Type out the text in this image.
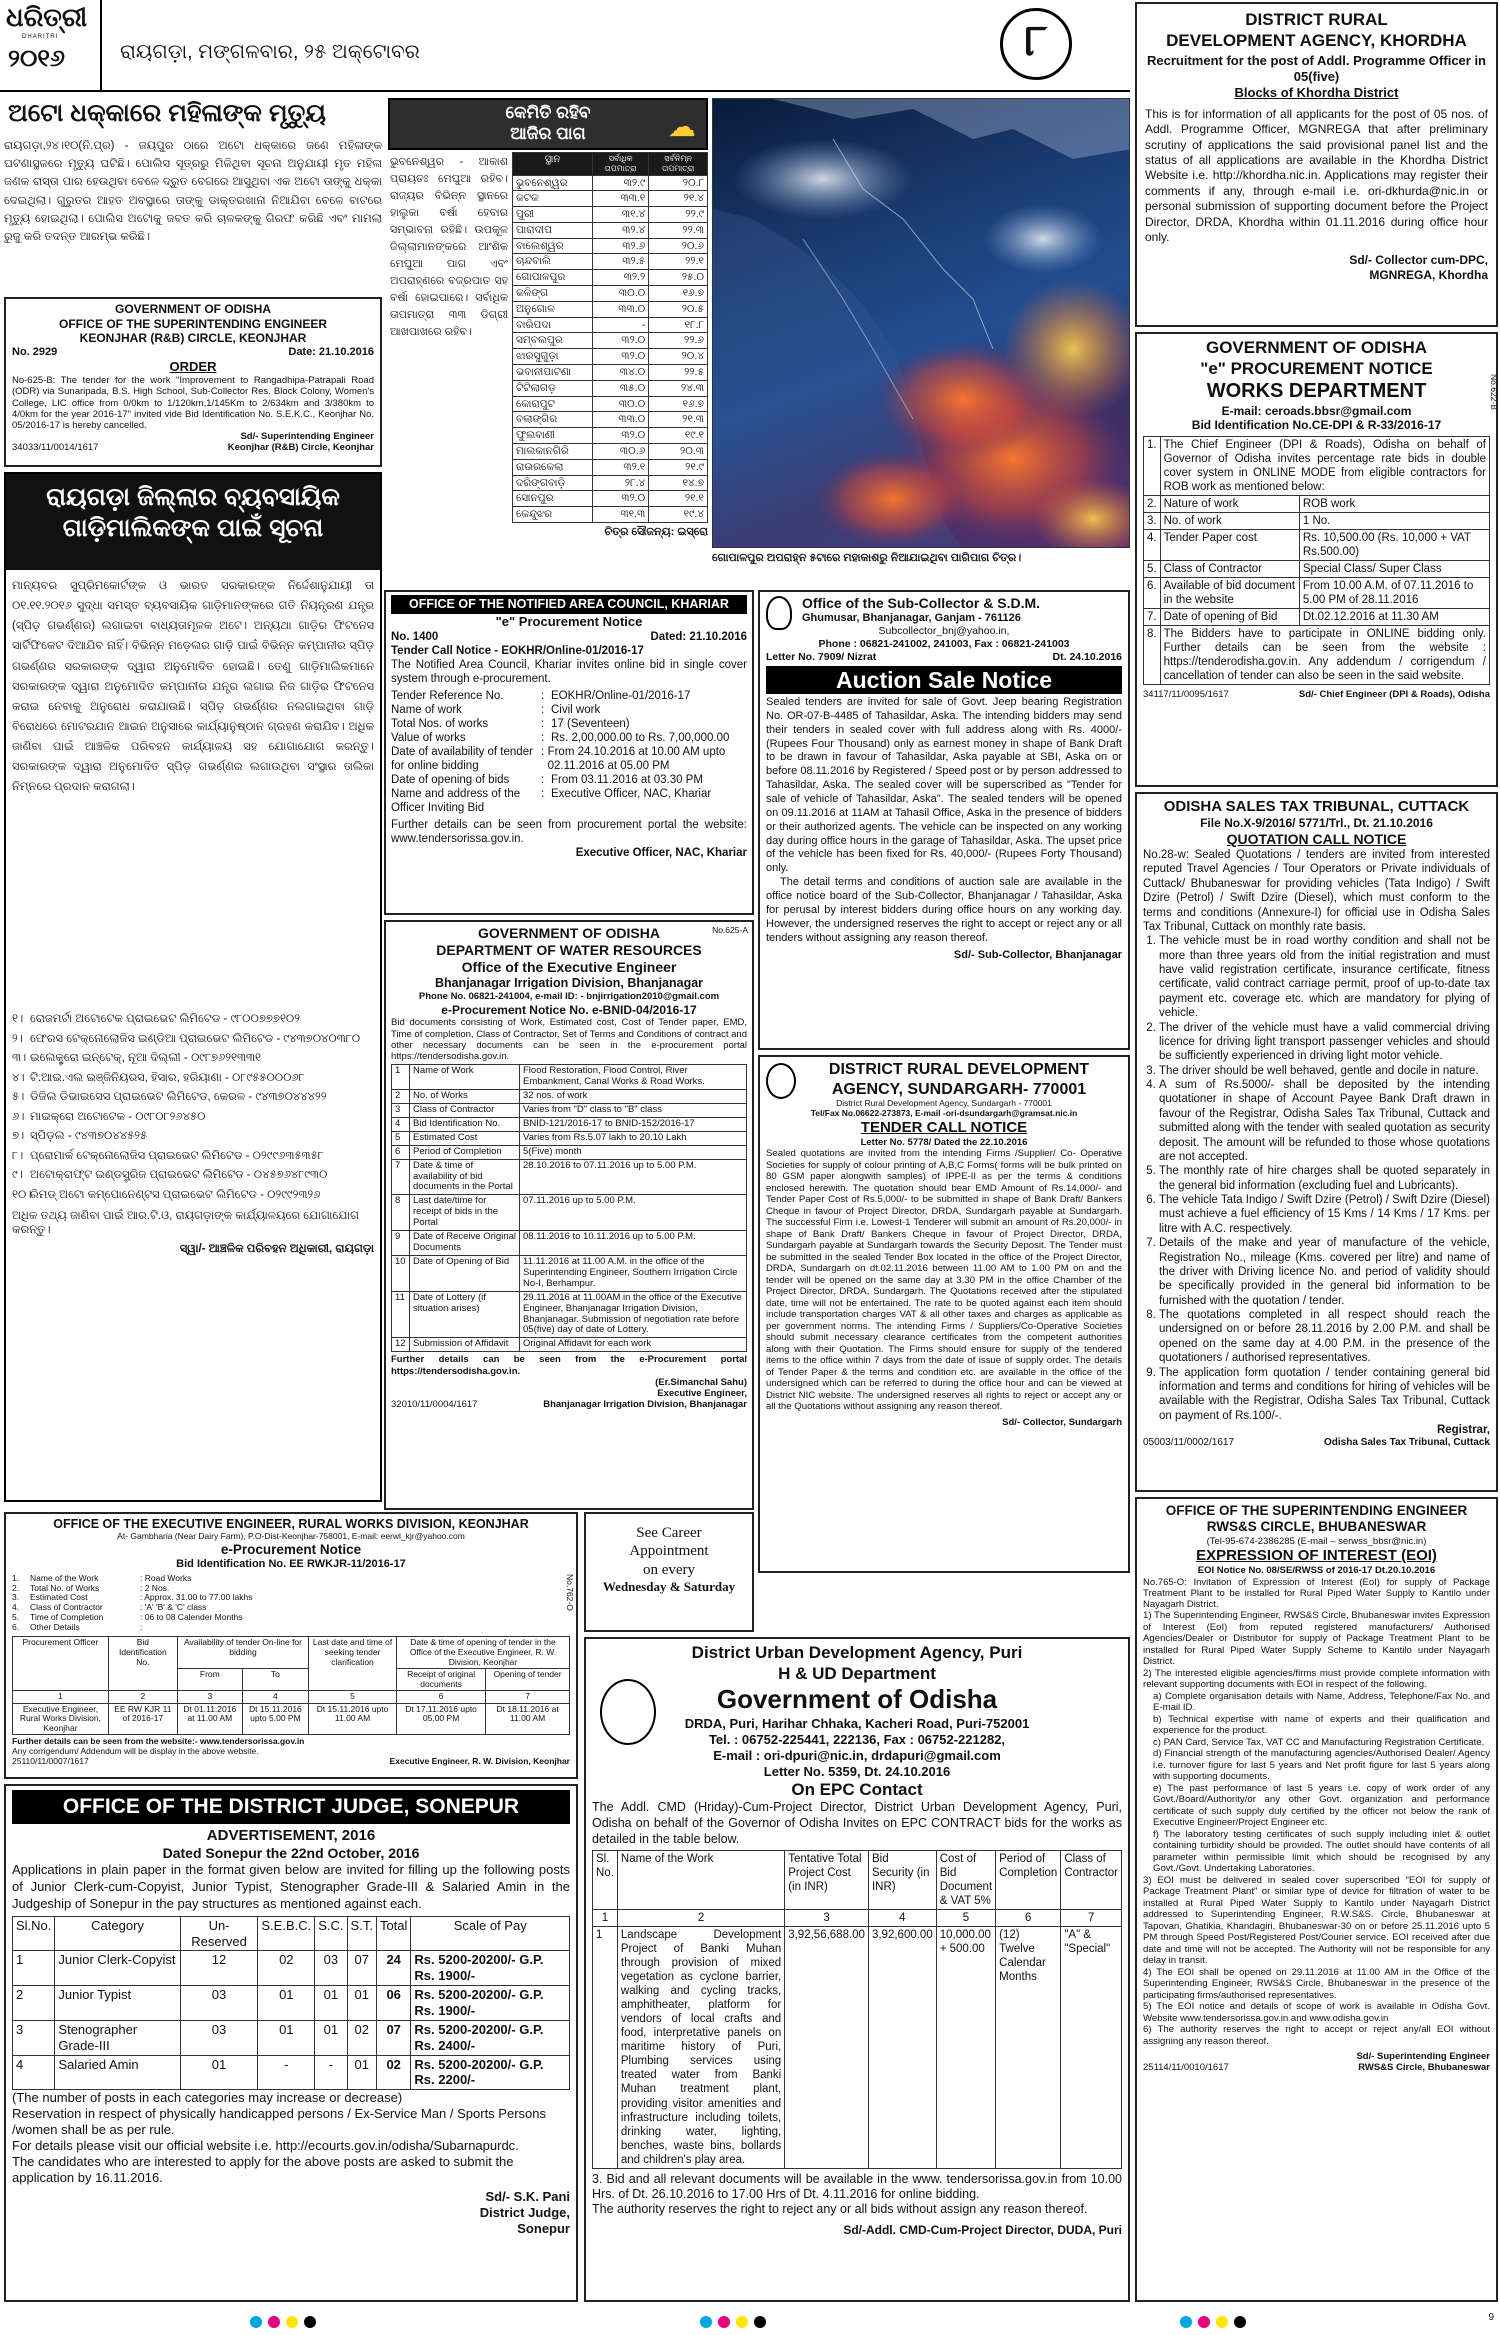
ଧରିତ୍ରୀ
DHARITRI
୨୦୧୬	ରାୟଗଡ଼ା, ମଙ୍ଗଳବାର, ୨୫ ଅକ୍ଟୋବର	୮	DISTRICT RURAL
DEVELOPMENT AGENCY, KHORDHA
Recruitment for the post of Addl. Programme Officer in 05(five)
Blocks of Khordha District
This is for information of all applicants for the post of 05 nos. of Addl. Programme Officer, MGNREGA that after preliminary scrutiny of applications the said provisional panel list and the status of all applications are available in the Khordha District Website i.e. http://khordha.nic.in. Applications may register their comments if any, through e-mail i.e. ori-dkhurda@nic.in or personal submission of supporting document before the Project Director, DRDA, Khordha within 01.11.2016 during office hour only.
Sd/- Collector cum-DPC,
MGNREGA, Khordha
ଅଟୋ ଧକ୍କାରେ ମହିଳାଙ୍କ ମୃତ୍ୟୁ
ରାୟଗଡ଼ା,୨୪।୧୦(ନି.ପ୍ର) - ଜୟପୁର ଠାରେ ଅଟୋ ଧକ୍କାରେ ଜଣେ ମହିଳାଙ୍କ ଘଟଣାସ୍ଥଳରେ ମୃତ୍ୟୁ ଘଟିଛି। ପୋଲିସ ସୂତ୍ରରୁ ମିଳିଥିବା ସୂଚନା ଅନୁଯାୟୀ ମୃତ ମହିଳା ଜଣକ ରାସ୍ତା ପାର ହେଉଥିବା ବେଳେ ଦ୍ରୁତ ବେଗରେ ଆସୁଥିବା ଏକ ଅଟୋ ତାଙ୍କୁ ଧକ୍କା ଦେଇଥିଲା। ଗୁରୁତର ଆହତ ଅବସ୍ଥାରେ ତାଙ୍କୁ ଡାକ୍ତରଖାନା ନିଆଯିବା ବେଳେ ବାଟରେ ମୃତ୍ୟୁ ହୋଇଥିଲା। ପୋଲିସ ଅଟୋକୁ ଜବତ କରି ଚାଳକଙ୍କୁ ଗିରଫ କରିଛି ଏବଂ ମାମଲା ରୁଜୁ କରି ତଦନ୍ତ ଆରମ୍ଭ କରିଛି।
କେମିତି ରହିବ
ଆଜିର ପାଗ	☁
ଭୁବନେଶ୍ୱର - ଆକାଶ ପ୍ରାୟତଃ ମେଘୁଆ ରହିବ। ରାଜ୍ୟର ବିଭିନ୍ନ ସ୍ଥାନରେ ହାଲୁକା ବର୍ଷା ହେବାର ସମ୍ଭାବନା ରହିଛି। ଉପକୂଳ ଜିଲ୍ଲାମାନଙ୍କରେ ଆଂଶିକ ମେଘୁଆ ପାଗ ଏବଂ ଅପରାହ୍ଣରେ ବଜ୍ରପାତ ସହ ବର୍ଷା ହୋଇପାରେ। ସର୍ବାଧିକ ତାପମାତ୍ରା ୩୩ ଡିଗ୍ରୀ ଆଖପାଖରେ ରହିବ।
ସ୍ଥାନ	ସର୍ବାଧିକ ତାପମାତ୍ରା	ସର୍ବନିମ୍ନ ତାପମାତ୍ରା
ଭୁବନେଶ୍ୱର	୩୨.୯	୨୦.୮
କଟକ	୩୩.୧	୨୧.୪
ପୁରୀ	୩୧.୪	୨୨.୯
ପାରାଦୀପ	୩୨.୪	୨୨.୩
ବାଲେଶ୍ୱର	୩୨.୬	୨୦.୬
ଚାନ୍ଦବାଲି	୩୨.୫	୨୨.୧
ଗୋପାଳପୁର	୩୨.୨	୨୫.୦
କଳିଙ୍ଗ	୩୦.୦	୧୬.୭
ଅନୁଗୋଳ	୩୩.୦	୨୦.୫
ବାରିପଦା	-	୧୮.୮
ସମ୍ବଲପୁର	୩୨.୦	୨୨.୬
ଝାରସୁଗୁଡ଼ା	୩୨.୦	୨୦.୪
ଭବାନୀପାଟଣା	୩୪.୦	୨୨.୫
ଟିଟିଲାଗଡ଼	୩୫.୦	୨୪.୩
କୋରାପୁଟ	୩୦.୦	୧୬.୭
ବଲାଙ୍ଗିର	୩୩.୦	୨୧.୩
ଫୁଲବାଣୀ	୩୨.୦	୧୯.୧
ମାଲକାନଗିରି	୩୦.୬	୨୦.୩
ରାଉରକେଲା	୩୨.୧	୨୧.୯
ଦରିଙ୍ଗବାଡ଼ି	୨୮.୪	୧୪.୭
ସୋନପୁର	୩୨.୦	୨୧.୧
କେନ୍ଦୁଝର	୩୧.୩	୧୯.୪
ଚିତ୍ର ସୌଜନ୍ୟ: ଇସ୍ରୋ
ଗୋପାଳପୁର ଅପରାହ୍ନ ୫ଟାରେ ମହାକାଶରୁ ନିଆଯାଇଥିବା ପାଗିପାଗ ଚିତ୍ର।
GOVERNMENT OF ODISHA
OFFICE OF THE SUPERINTENDING ENGINEER
KEONJHAR (R&B) CIRCLE, KEONJHAR
No. 2929	Date: 21.10.2016
ORDER
No-625-B: The tender for the work "Improvement to Rangadhipa-Patrapali Road (ODR) via Sunaripada, B.S. High School, Sub-Collector Res. Block Colony, Women's College, LIC office from 0/0km to 1/120km,1/145Km to 2/634km and 3/380km to 4/0km for the year 2016-17" invited vide Bid Identification No. S.E.K.C., Keonjhar No. 05/2016-17 is hereby cancelled.
Sd/- Superintending Engineer
34033/11/0014/1617	Keonjhar (R&B) Circle, Keonjhar
ରାୟଗଡ଼ା ଜିଲ୍ଲାର ବ୍ୟବସାୟିକ
ଗାଡ଼ିମାଲିକଙ୍କ ପାଇଁ ସୂଚନା
ମାନ୍ୟବର ସୁପ୍ରିମକୋର୍ଟଙ୍କ ଓ ଭାରତ ସରକାରଙ୍କ ନିର୍ଦ୍ଦେଶାନୁଯାୟୀ ତା ୦୧.୧୧.୨୦୧୬ ସୁଦ୍ଧା ସମସ୍ତ ବ୍ୟବସାୟିକ ଗାଡ଼ିମାନଙ୍କରେ ଗତି ନିୟନ୍ତ୍ରଣ ଯନ୍ତ୍ର (ସ୍ପିଡ଼ ଗଭର୍ଣ୍ଣର) ଲଗାଇବା ବାଧ୍ୟତାମୂଳକ ଅଟେ। ଅନ୍ୟଥା ଗାଡ଼ିର ଫିଟନେସ ସାର୍ଟିଫିକେଟ ଦିଆଯିବ ନାହିଁ। ବିଭିନ୍ନ ମଡ଼େଲର ଗାଡ଼ି ପାଇଁ ବିଭିନ୍ନ କମ୍ପାନୀର ସ୍ପିଡ଼ ଗଭର୍ଣ୍ଣର ସରକାରଙ୍କ ଦ୍ୱାରା ଅନୁମୋଦିତ ହୋଇଛି। ତେଣୁ ଗାଡ଼ିମାଲିକମାନେ ସରକାରଙ୍କ ଦ୍ୱାରା ଅନୁମୋଦିତ କମ୍ପାନୀର ଯନ୍ତ୍ର ଲଗାଇ ନିଜ ଗାଡ଼ିର ଫିଟନେସ କରାଇ ନେବାକୁ ଅନୁରୋଧ କରାଯାଉଛି। ସ୍ପିଡ଼ ଗଭର୍ଣ୍ଣର ନଲଗାଇଥିବା ଗାଡ଼ି ବିରୋଧରେ ମୋଟରଯାନ ଆଇନ ଅନୁସାରେ କାର୍ଯ୍ୟାନୁଷ୍ଠାନ ଗ୍ରହଣ କରାଯିବ। ଅଧିକ ଜାଣିବା ପାଇଁ ଆଞ୍ଚଳିକ ପରିବହନ କାର୍ଯ୍ୟାଳୟ ସହ ଯୋଗାଯୋଗ କରନ୍ତୁ। ସରକାରଙ୍କ ଦ୍ୱାରା ଅନୁମୋଦିତ ସ୍ପିଡ଼ ଗଭର୍ଣ୍ଣର ଲଗାଉଥିବା ସଂସ୍ଥାର ତାଲିକା ନିମ୍ନରେ ପ୍ରଦାନ କରାଗଲା।
୧। ରୋଜମର୍ଟା ଅଟୋଟେକ ପ୍ରାଇଭେଟ ଲିମିଟେଡ - ୯୮୦୦୭୭୭୧୦୨
୨। ଫେରସ ଟେକ୍ନୋଲୋଜିସ ଇଣ୍ଡିଆ ପ୍ରାଇଭେଟ ଲିମିଟେଡ - ୯୪୩୭୦୪୦୩୮୦
୩। ଇଲେକ୍ଟ୍ରୋ ଇନ୍ଟେକ୍, ନୂଆ ଦିଲ୍ଲୀ - ୦୯୮୭୬୨୧୩୩୧
୪। ଟି.ଆଇ.ଏଲ ଇଞ୍ଜିନିୟରସ, ହିସାର, ହରିୟାଣା - ୦୮୯୫୫୦୦୦୬୮
୫। ଡିଜିଲ ଡିଭାଇସେସ ପ୍ରାଇଭେଟ ଲିମିଟେଡ, କେରଳ - ୯୪୩୭୦୪୪୪୨୨
୬। ମାଇକ୍ରୋ ଅଟୋଟେକ - ୦୯୮୦୮୨୬୪୫୦
୭। ସ୍ପିଡ଼ଲ - ୯୪୩୭୦୪୪୫୨୫
୮। ପ୍ରୋମାର୍କ ଟେକ୍ନୋଲୋଜିସ ପ୍ରାଇଭେଟ ଲିମିଟେଡ - ୦୨୯୯୬୩୫୩୫୮
୯। ଅଟୋକ୍ରାଫ୍ଟ ଇଣ୍ଡସ୍ଟ୍ରିଜ ପ୍ରାଇଭେଟ ଲିମିଟେଡ - ୦୪୫୭୬୪୮୯୩୦
୧୦।ରିମଡ୍ ଅଟୋ କମ୍ପୋନେଣ୍ଟସ ପ୍ରାଇଭେଟ ଲିମିଟେଡ - ୦୨୯୯୨୩୨୬
ଅଧିକ ତଥ୍ୟ ଜାଣିବା ପାଇଁ ଆର.ଟି.ଓ, ରାୟଗଡ଼ାଙ୍କ କାର୍ଯ୍ୟାଳୟରେ ଯୋଗାଯୋଗ କରନ୍ତୁ।
ସ୍ୱା/- ଆଞ୍ଚଳିକ ପରିବହନ ଅଧିକାରୀ, ରାୟଗଡ଼ା
GOVERNMENT OF ODISHA
"e" PROCUREMENT NOTICE
WORKS DEPARTMENT
E-mail: ceroads.bbsr@gmail.com
Bid Identification No.CE-DPI & R-33/2016-17
No.622-B
1.	The Chief Engineer (DPI & Roads), Odisha on behalf of Governor of Odisha invites percentage rate bids in double cover system in ONLINE MODE from eligible contractors for ROB work as mentioned below:	
2.	Nature of work	ROB work
3.	No. of work	1 No.
4.	Tender Paper cost	Rs. 10,500.00 (Rs. 10,000 + VAT Rs.500.00)
5.	Class of Contractor	Special Class/ Super Class
6.	Available of bid document in the website	From 10.00 A.M. of 07.11.2016 to 5.00 PM of 28.11.2016
7.	Date of opening of Bid	Dt.02.12.2016 at 11.30 AM
8.	The Bidders have to participate in ONLINE bidding only. Further details can be seen from the website : https://tenderodisha.gov.in. Any addendum / corrigendum / cancellation of tender can also be seen in the said website.	
34117/11/0095/1617	Sd/- Chief Engineer (DPI & Roads), Odisha
OFFICE OF THE NOTIFIED AREA COUNCIL, KHARIAR
"e" Procurement Notice
No. 1400	Dated: 21.10.2016
Tender Call Notice - EOKHR/Online-01/2016-17
The Notified Area Council, Khariar invites online bid in single cover system through e-procurement.
Tender Reference No.	: EOKHR/Online-01/2016-17
Name of work	: Civil work
Total Nos. of works	: 17 (Seventeen)
Value of works	: Rs. 2,00,000.00 to Rs. 7,00,000.00
Date of availability of tender for online bidding
: From 24.10.2016 at 10.00 AM upto 02.11.2016 at 05.00 PM
Date of opening of bids	: From 03.11.2016 at 03.30 PM
Name and address of the Officer Inviting Bid
: Executive Officer, NAC, Khariar
Further details can be seen from procurement portal the website: www.tendersorissa.gov.in.
Executive Officer, NAC, Khariar
Office of the Sub-Collector & S.D.M.
Ghumusar, Bhanjanagar, Ganjam - 761126
Subcollector_bnj@yahoo.in,
Phone : 06821-241002, 241003, Fax : 06821-241003
Letter No. 7909/ Nizrat	Dt. 24.10.2016
Auction Sale Notice
Sealed tenders are invited for sale of Govt. Jeep bearing Registration No. OR-07-B-4485 of Tahasildar, Aska. The intending bidders may send their tenders in sealed cover with full address along with Rs. 4000/- (Rupees Four Thousand) only as earnest money in shape of Bank Draft to be drawn in favour of Tahasildar, Aska payable at SBI, Aska on or before 08.11.2016 by Registered / Speed post or by person addressed to Tahasildar, Aska. The sealed cover will be superscribed as "Tender for sale of vehicle of Tahasildar, Aska". The sealed tenders will be opened on 09.11.2016 at 11AM at Tahasil Office, Aska in the presence of bidders or their authorized agents. The vehicle can be inspected on any working day during office hours in the garage of Tahasildar, Aska. The upset price of the vehicle has been fixed for Rs. 40,000/- (Rupees Forty Thousand) only.
The detail terms and conditions of auction sale are available in the office notice board of the Sub-Collector, Bhanjanagar / Tahasildar, Aska for perusal by interest bidders during office hours on any working day. However, the undersigned reserves the right to accept or reject any or all tenders without assigning any reason thereof.
Sd/- Sub-Collector, Bhanjanagar
ODISHA SALES TAX TRIBUNAL, CUTTACK
File No.X-9/2016/ 5771/Trl., Dt. 21.10.2016
QUOTATION CALL NOTICE
No.28-w: Sealed Quotations / tenders are invited from interested reputed Travel Agencies / Tour Operators or Private individuals of Cuttack/ Bhubaneswar for providing vehicles (Tata Indigo) / Swift Dzire (Petrol) / Swift Dzire (Diesel), which must conform to the terms and conditions (Annexure-I) for official use in Odisha Sales Tax Tribunal, Cuttack on monthly rate basis.
1. The vehicle must be in road worthy condition and shall not be more than three years old from the initial registration and must have valid registration certificate, insurance certificate, fitness certificate, valid contract carriage permit, proof of up-to-date tax payment etc. coverage etc. which are mandatory for plying of vehicle.
2. The driver of the vehicle must have a valid commercial driving licence for driving light transport passenger vehicles and should be sufficiently experienced in driving light motor vehicle.
3. The driver should be well behaved, gentle and docile in nature.
4. A sum of Rs.5000/- shall be deposited by the intending quotationer in shape of Account Payee Bank Draft drawn in favour of the Registrar, Odisha Sales Tax Tribunal, Cuttack and submitted along with the tender with sealed quotation as security deposit. The amount will be refunded to those whose quotations are not accepted.
5. The monthly rate of hire charges shall be quoted separately in the general bid information (excluding fuel and Lubricants).
6. The vehicle Tata Indigo / Swift Dzire (Petrol) / Swift Dzire (Diesel) must achieve a fuel efficiency of 15 Kms / 14 Kms / 17 Kms. per litre with A.C. respectively.
7. Details of the make and year of manufacture of the vehicle, Registration No., mileage (Kms. covered per litre) and name of the driver with Driving licence No. and period of validity should be specifically provided in the general bid information to be furnished with the quotation / tender.
8. The quotations completed in all respect should reach the undersigned on or before 28.11.2016 by 2.00 P.M. and shall be opened on the same day at 4.00 P.M. in the presence of the quotationers / authorised representatives.
9. The application form quotation / tender containing general bid information and terms and conditions for hiring of vehicles will be available with the Registrar, Odisha Sales Tax Tribunal, Cuttack on payment of Rs.100/-.
Registrar,
05003/11/0002/1617	Odisha Sales Tax Tribunal, Cuttack
No.625-A
GOVERNMENT OF ODISHA
DEPARTMENT OF WATER RESOURCES
Office of the Executive Engineer
Bhanjanagar Irrigation Division, Bhanjanagar
Phone No. 06821-241004, e-mail ID: - bnjirrigation2010@gmail.com
e-Procurement Notice No. e-BNID-04/2016-17
Bid documents consisting of Work, Estimated cost, Cost of Tender paper, EMD, Time of completion, Class of Contractor, Set of Terms and Conditions of contract and other necessary documents can be seen in the e-procurement portal https://tendersodisha.gov.in.
1	Name of Work	Flood Restoration, Flood Control, River Embankment, Canal Works & Road Works.
2	No. of Works	32 nos. of work
3	Class of Contractor	Varies from "D" class to "B" class
4	Bid Identification No.	BNID-121/2016-17 to BNID-152/2016-17
5	Estimated Cost	Varies from Rs.5.07 lakh to 20.10 Lakh
6	Period of Completion	5(Five) month
7	Date & time of availability of bid documents in the Portal	28.10.2016 to 07.11.2016 up to 5.00 P.M.
8	Last date/time for receipt of bids in the Portal	07.11.2016 up to 5.00 P.M.
9	Date of Receive Original Documents	08.11.2016 to 10.11.2016 up to 5.00 P.M.
10	Date of Opening of Bid	11.11.2016 at 11.00 A.M. in the office of the Superintending Engineer, Southern Irrigation Circle No-I, Berhampur.
11	Date of Lottery (if situation arises)	29.11.2016 at 11.00AM in the office of the Executive Engineer, Bhanjanagar Irrigation Division, Bhanjanagar. Submission of negotiation rate before 05(five) day of date of Lottery.
12	Submission of Affidavit	Original Affidavit for each work
Further details can be seen from the e-Procurement portal https://tendersodisha.gov.in.
(Er.Simanchal Sahu)
Executive Engineer,
32010/11/0004/1617	Bhanjanagar Irrigation Division, Bhanjanagar
DISTRICT RURAL DEVELOPMENT
AGENCY, SUNDARGARH- 770001
District Rural Development Agency, Sundargarh - 770001
Tel/Fax No.06622-273873, E-mail -ori-dsundargarh@gramsat.nic.in
TENDER CALL NOTICE
Letter No. 5778/ Dated the 22.10.2016
Sealed quotations are invited from the intending Firms /Supplier/ Co- Operative Societies for supply of colour printing of A,B,C Forms( forms will be bulk printed on 80 GSM paper alongwith samples) of IPPE-II as per the terms & conditions enclosed herewith. The quotation should bear EMD Amount of Rs.14,000/- and Tender Paper Cost of Rs.5,000/- to be submitted in shape of Bank Draft/ Bankers Cheque in favour of Project Director, DRDA, Sundargarh payable at Sundargarh. The successful Firm i.e. Lowest-1 Tenderer will submit an amount of Rs.20,000/- in shape of Bank Draft/ Bankers Cheque in favour of Project Director, DRDA, Sundargarh payable at Sundargarh towards the Security Deposit. The Tender must be submitted in the sealed Tender Box located in the office of the Project Director, DRDA, Sundargarh on dt.02.11.2016 between 11.00 AM to 1.00 PM on and the tender will be opened on the same day at 3.30 PM in the office Chamber of the Project Director, DRDA, Sundargarh. The Quotations received after the stipulated date, time will not be entertained. The rate to be quoted against each item should include transportation charges VAT & all other taxes and charges as applicable as per government norms. The intending Firms / Suppliers/Co-Operative Societies should submit necessary clearance certificates from the competent authorities along with their Quotation. The Firms should ensure for supply of the tendered items to the office within 7 days from the date of issue of supply order. The details of Tender Paper & the terms and condition etc. are available in the office of the undersigned which can be referred to during the office hour and can be viewed at District NIC website. The undersigned reserves all rights to reject or accept any or all the Quotations without assigning any reason thereof.
Sd/- Collector, Sundargarh
OFFICE OF THE EXECUTIVE ENGINEER, RURAL WORKS DIVISION, KEONJHAR
At- Gambharia (Near Dairy Farm), P.O-Dist-Keonjhar-758001, E-mail: eerwl_kjr@yahoo.com
e-Procurement Notice
Bid Identification No. EE RWKJR-11/2016-17
No.762-O
1.	Name of the Work	: Road Works
2.	Total No. of Works	: 2 Nos.
3.	Estimated Cost	: Approx. 31.00 to 77.00 lakhs
4.	Class of Contractor	: 'A' 'B' & 'C' class
5.	Time of Completion	: 06 to 08 Calender Months
6.	Other Details	:
Procurement Officer	Bid Identification No.	Availability of tender On-line for bidding		Last date and time of seeking tender clarification	Date & time of opening of tender in the Office of the Executive Engineer, R. W. Division, Keonjhar	
		From	To		Receipt of original documents	Opening of tender
1	2	3	4	5	6	7
Executive Engineer, Rural Works Division, Keonjhar	EE RW KJR 11 of 2016-17	Dt 01.11.2016 at 11.00 AM	Dt 15.11.2016 upto 5.00 PM	Dt 15.11.2016 upto 11.00 AM	Dt 17.11.2016 upto 05.00 PM	Dt 18.11.2016 at 11.00 AM
Further details can be seen from the website:- www.tendersorissa.gov.in
Any corrigendum/ Addendum will be display in the above website.
25110/11/0007/1617	Executive Engineer, R. W. Division, Keonjhar
See Career
Appointment
on every
Wednesday & Saturday
OFFICE OF THE DISTRICT JUDGE, SONEPUR
ADVERTISEMENT, 2016
Dated Sonepur the 22nd October, 2016
Applications in plain paper in the format given below are invited for filling up the following posts of Junior Clerk-cum-Copyist, Junior Typist, Stenographer Grade-III & Salaried Amin in the Judgeship of Sonepur in the pay structures as mentioned against each.
Sl.No.	Category	Un-Reserved	S.E.B.C.	S.C.	S.T.	Total	Scale of Pay
1	Junior Clerk-Copyist	12	02	03	07	24	Rs. 5200-20200/- G.P. Rs. 1900/-
2	Junior Typist	03	01	01	01	06	Rs. 5200-20200/- G.P. Rs. 1900/-
3	Stenographer Grade-III	03	01	01	02	07	Rs. 5200-20200/- G.P. Rs. 2400/-
4	Salaried Amin	01	-	-	01	02	Rs. 5200-20200/- G.P. Rs. 2200/-
(The number of posts in each categories may increase or decrease)
Reservation in respect of physically handicapped persons / Ex-Service Man / Sports Persons /women shall be as per rule.
For details please visit our official website i.e. http://ecourts.gov.in/odisha/Subarnapurdc.
The candidates who are interested to apply for the above posts are asked to submit the application by 16.11.2016.
Sd/- S.K. Pani
District Judge,
Sonepur
District Urban Development Agency, Puri
H & UD Department
Government of Odisha
DRDA, Puri, Harihar Chhaka, Kacheri Road, Puri-752001
Tel. : 06752-225441, 222136, Fax : 06752-221282,
E-mail : ori-dpuri@nic.in, drdapuri@gmail.com
Letter No. 5359, Dt. 24.10.2016
On EPC Contact
The Addl. CMD (Hriday)-Cum-Project Director, District Urban Development Agency, Puri, Odisha on behalf of the Governor of Odisha Invites on EPC CONTRACT bids for the works as detailed in the table below.
Sl. No.	Name of the Work	Tentative Total Project Cost (in INR)	Bid Security (in INR)	Cost of Bid Document & VAT 5%	Period of Completion	Class of Contractor
1	2	3	4	5	6	7
1	Landscape Development Project of Banki Muhan through provision of mixed vegetation as cyclone barrier, walking and cycling tracks, amphitheater, platform for vendors of local crafts and food, interpretative panels on maritime history of Puri, Plumbing services using treated water from Banki Muhan treatment plant, providing visitor amenities and infrastructure including toilets, drinking water, lighting, benches, waste bins, bollards and children's play area.	3,92,56,688.00	3,92,600.00	10,000.00 + 500.00	(12) Twelve Calendar Months	"A" & "Special"
3. Bid and all relevant documents will be available in the www. tendersorissa.gov.in from 10.00 Hrs. of Dt. 26.10.2016 to 17.00 Hrs of Dt. 4.11.2016 for online bidding.
The authority reserves the right to reject any or all bids without assign any reason thereof.
Sd/-Addl. CMD-Cum-Project Director, DUDA, Puri
OFFICE OF THE SUPERINTENDING ENGINEER
RWS&S CIRCLE, BHUBANESWAR
(Tel-95-674-2386285 (E-mail – serwss_bbsr@nic.in)
EXPRESSION OF INTEREST (EOI)
EOI Notice No. 08/SE/RWSS of 2016-17 Dt.20.10.2016
No.765-O: Invitation of Expression of Interest (EoI) for supply of Package Treatment Plant to be installed for Rural Piped Water Supply to Kantilo under Nayagarh District.
1) The Superintending Engineer, RWS&S Circle, Bhubaneswar invites Expression of Interest (EoI) from reputed registered manufacturers/ Authorised Agencies/Dealer or Distributor for supply of Package Treatment Plant to be installed for Rural Piped Water Supply Scheme to Kantilo under Nayagarh District.
2) The interested eligible agencies/firms must provide complete information with relevant supporting documents with EOI in respect of the following.
a) Complete organisation details with Name, Address, Telephone/Fax No. and E-mail ID.
b) Technical expertise with name of experts and their qualification and experience for the product.
c) PAN Card, Service Tax, VAT CC and Manufacturing Registration Certificate.
d) Financial strength of the manufacturing agencies/Authorised Dealer/ Agency i.e. turnover figure for last 5 years and Net profit figure for last 5 years along with supporting documents.
e) The past performance of last 5 years i.e. copy of work order of any Govt./Board/Authority/or any other Govt. organization and performance certificate of such supply duly certified by the officer not below the rank of Executive Engineer/Project Engineer etc.
f) The laboratory testing certificates of such supply including inlet & outlet containing turbidity should be provided. The outlet should have contents of all parameter within permissible limit which should be recognised by any Govt./Govt. Undertaking Laboratories.
3) EOI must be delivered in sealed cover superscribed "EOI for supply of Package Treatment Plant" or similar type of device for filtration of water to be installed at Rural Piped Water Supply to Kantilo under Nayagarh District addressed to Superintending Engineer, R.W.S&S. Circle, Bhubaneswar at Tapovan, Ghatikia, Khandagiri, Bhubaneswar-30 on or before 25.11.2016 upto 5 PM through Speed Post/Registered Post/Courier service. EOI received after due date and time will not be accepted. The Authority will not be responsible for any delay in transit.
4) The EOI shall be opened on 29.11.2016 at 11.00 AM in the Office of the Superintending Engineer, RWS&S Circle, Bhubaneswar in the presence of the participating firms/authorised representatives.
5) The EOI notice and details of scope of work is available in Odisha Govt. Website www.tendersorissa.gov.in and www.odisha.gov.in
6) The authority reserves the right to accept or reject any/all EOI without assigning any reason thereof.
Sd/- Superintending Engineer
25114/11/0010/1617	RWS&S Circle, Bhubaneswar
9
